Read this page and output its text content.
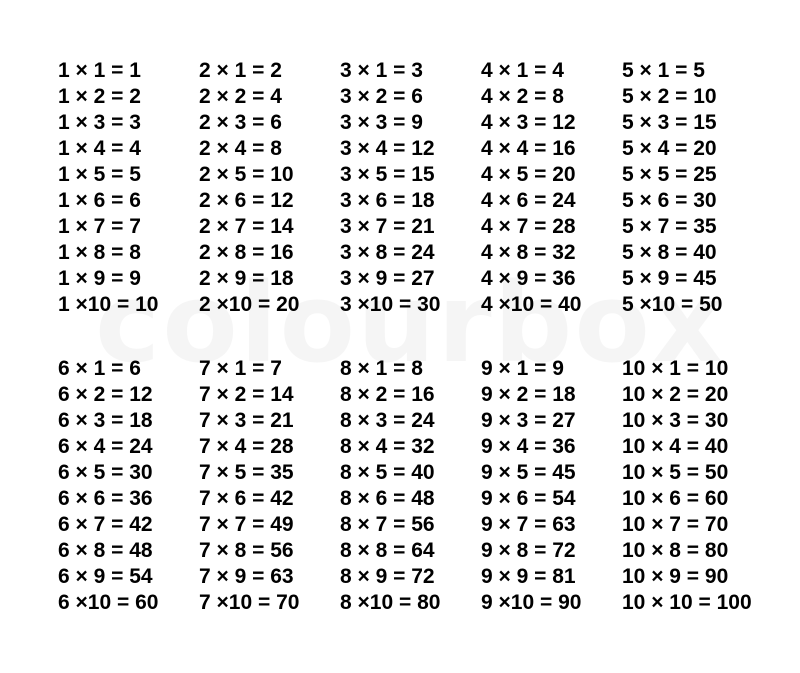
1 × 1 = 1
1 × 2 = 2
1 × 3 = 3
1 × 4 = 4
1 × 5 = 5
1 × 6 = 6
1 × 7 = 7
1 × 8 = 8
1 × 9 = 9
1 ×10 = 10
2 × 1 = 2
2 × 2 = 4
2 × 3 = 6
2 × 4 = 8
2 × 5 = 10
2 × 6 = 12
2 × 7 = 14
2 × 8 = 16
2 × 9 = 18
2 ×10 = 20
3 × 1 = 3
3 × 2 = 6
3 × 3 = 9
3 × 4 = 12
3 × 5 = 15
3 × 6 = 18
3 × 7 = 21
3 × 8 = 24
3 × 9 = 27
3 ×10 = 30
4 × 1 = 4
4 × 2 = 8
4 × 3 = 12
4 × 4 = 16
4 × 5 = 20
4 × 6 = 24
4 × 7 = 28
4 × 8 = 32
4 × 9 = 36
4 ×10 = 40
5 × 1 = 5
5 × 2 = 10
5 × 3 = 15
5 × 4 = 20
5 × 5 = 25
5 × 6 = 30
5 × 7 = 35
5 × 8 = 40
5 × 9 = 45
5 ×10 = 50
6 × 1 = 6
6 × 2 = 12
6 × 3 = 18
6 × 4 = 24
6 × 5 = 30
6 × 6 = 36
6 × 7 = 42
6 × 8 = 48
6 × 9 = 54
6 ×10 = 60
7 × 1 = 7
7 × 2 = 14
7 × 3 = 21
7 × 4 = 28
7 × 5 = 35
7 × 6 = 42
7 × 7 = 49
7 × 8 = 56
7 × 9 = 63
7 ×10 = 70
8 × 1 = 8
8 × 2 = 16
8 × 3 = 24
8 × 4 = 32
8 × 5 = 40
8 × 6 = 48
8 × 7 = 56
8 × 8 = 64
8 × 9 = 72
8 ×10 = 80
9 × 1 = 9
9 × 2 = 18
9 × 3 = 27
9 × 4 = 36
9 × 5 = 45
9 × 6 = 54
9 × 7 = 63
9 × 8 = 72
9 × 9 = 81
9 ×10 = 90
10 × 1 = 10
10 × 2 = 20
10 × 3 = 30
10 × 4 = 40
10 × 5 = 50
10 × 6 = 60
10 × 7 = 70
10 × 8 = 80
10 × 9 = 90
10 × 10 = 100
